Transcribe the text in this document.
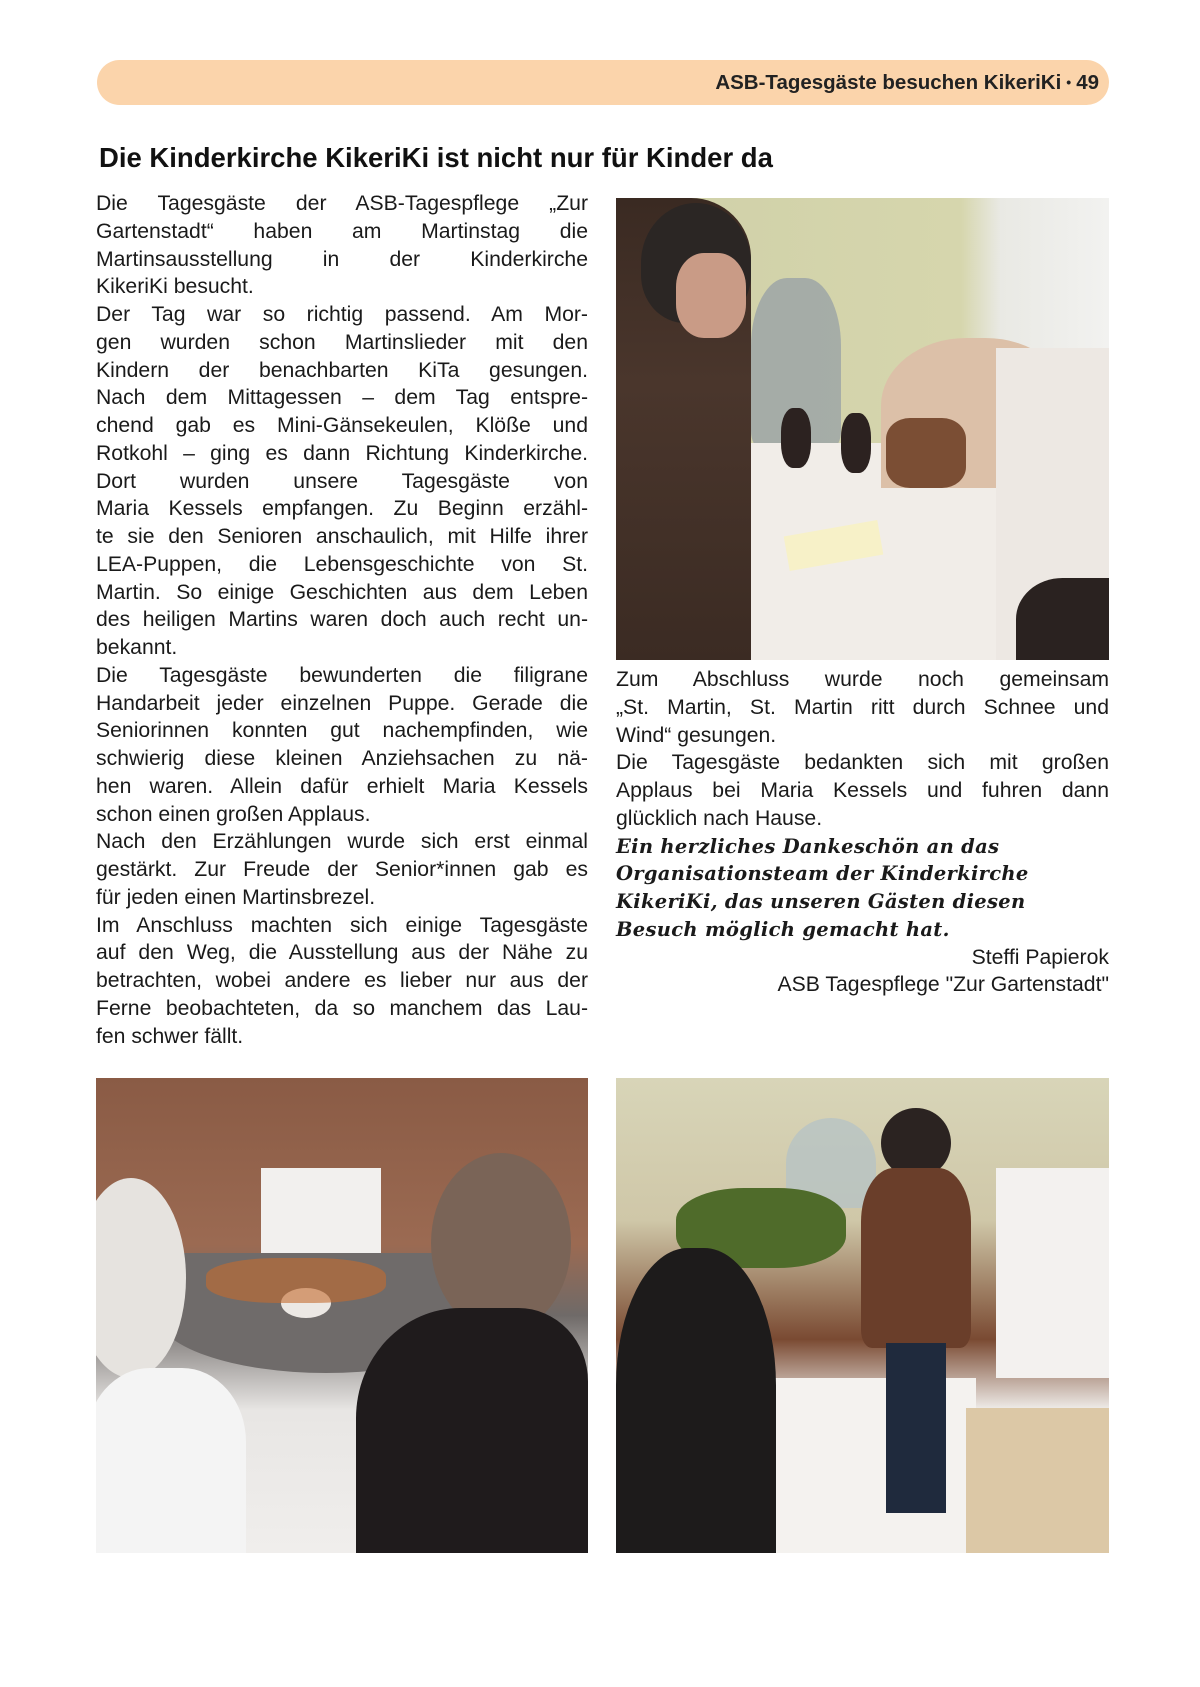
ASB-Tagesgäste besuchen KikeriKi • 49
Die Kinderkirche KikeriKi ist nicht nur für Kinder da
Die Tagesgäste der ASB-Tagespflege „Zur
Gartenstadt“ haben am Martinstag die
Martinsausstellung in der Kinderkirche
KikeriKi besucht.
Der Tag war so richtig passend. Am Mor-
gen wurden schon Martinslieder mit den
Kindern der benachbarten KiTa gesungen.
Nach dem Mittagessen – dem Tag entspre-
chend gab es Mini-Gänsekeulen, Klöße und
Rotkohl – ging es dann Richtung Kinderkirche.
Dort wurden unsere Tagesgäste von
Maria Kessels empfangen. Zu Beginn erzähl-
te sie den Senioren anschaulich, mit Hilfe ihrer
LEA-Puppen, die Lebensgeschichte von St.
Martin. So einige Geschichten aus dem Leben
des heiligen Martins waren doch auch recht un-
bekannt.
Die Tagesgäste bewunderten die filigrane
Handarbeit jeder einzelnen Puppe. Gerade die
Seniorinnen konnten gut nachempfinden, wie
schwierig diese kleinen Anziehsachen zu nä-
hen waren. Allein dafür erhielt Maria Kessels
schon einen großen Applaus.
Nach den Erzählungen wurde sich erst einmal
gestärkt. Zur Freude der Senior*innen gab es
für jeden einen Martinsbrezel.
Im Anschluss machten sich einige Tagesgäste
auf den Weg, die Ausstellung aus der Nähe zu
betrachten, wobei andere es lieber nur aus der
Ferne beobachteten, da so manchem das Lau-
fen schwer fällt.
Zum Abschluss wurde noch gemeinsam
„St. Martin, St. Martin ritt durch Schnee und
Wind“ gesungen.
Die Tagesgäste bedankten sich mit großen
Applaus bei Maria Kessels und fuhren dann
glücklich nach Hause.
Ein herzliches Dankeschön an das
Organisationsteam der Kinderkirche
KikeriKi, das unseren Gästen diesen
Besuch möglich gemacht hat.
Steffi Papierok
ASB Tagespflege "Zur Gartenstadt"
